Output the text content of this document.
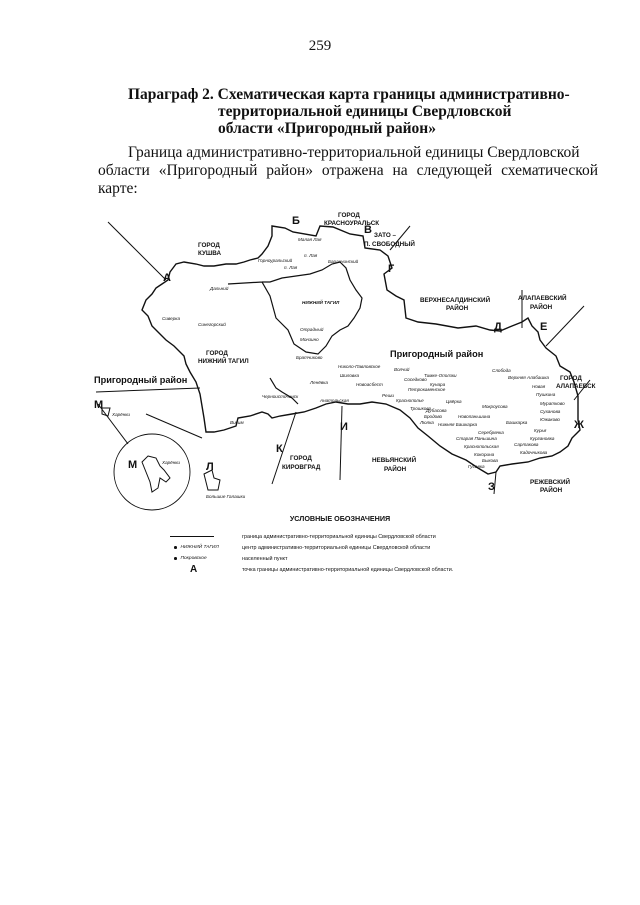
259
Параграф 2. Схематическая карта границы административно-
территориальной единицы Свердловской
области «Пригородный район»
Граница административно-территориальной единицы Свердловской
области «Пригородный район» отражена на следующей схематической карте:
А
Б
В
Г
Д	Е
Ж
З
И
К
Л
М
М
Пригородный район
Пригородный район
ГОРОД
КРАСНОУРАЛЬСК
ЗАТО –
П. СВОБОДНЫЙ
ГОРОД
КУШВА
ВЕРХНЕСАЛДИНСКИЙ
РАЙОН
АЛАПАЕВСКИЙ
РАЙОН
ГОРОД
НИЖНИЙ ТАГИЛ
ГОРОД
АЛАПАЕВСК
ГОРОД
КИРОВГРАД
НЕВЬЯНСКИЙ
РАЙОН
РЕЖЕВСКИЙ
РАЙОН
НИЖНИЙ ТАГИЛ
Малая Лая
п. Лая
Горноуральский
п. Лая
Баранчинский
Дальний
Синегорский
Сиверка
Отрадный
Монзино
Братчиково
Николо-Павловское
Шиловка
Ленёвка
Анатольская
Новоасбест
Висим
Черноисточинск
Харёнки
Харёнки
Большие Галашки
Волчий
Соседково
Петрокаменское
Реши
Краснополье
Трошково
Цвёрка
Люлка
Дубасова
Бродово
Тимке-Оползки
Слобода
Верхняя Алабашка
Кунара
Мокроусова
Новая
Пушкина
Муратково
Суханова
Башкарка
Южаково
Курья
Кургановка
Серебрянка
Сартакова
Старая Паньшина
Нижняя Башкарка
Краснопольская
Кокорина	Кадочникова
Быкова
Гусевка
Новопаньшина
УСЛОВНЫЕ ОБОЗНАЧЕНИЯ
граница административно-территориальной единицы Свердловской области
НИЖНИЙ ТАГИЛ	центр административно-территориальной единицы Свердловской области
Покровское	населенный пункт
А	точка границы административно-территориальной единицы Свердловской области.
